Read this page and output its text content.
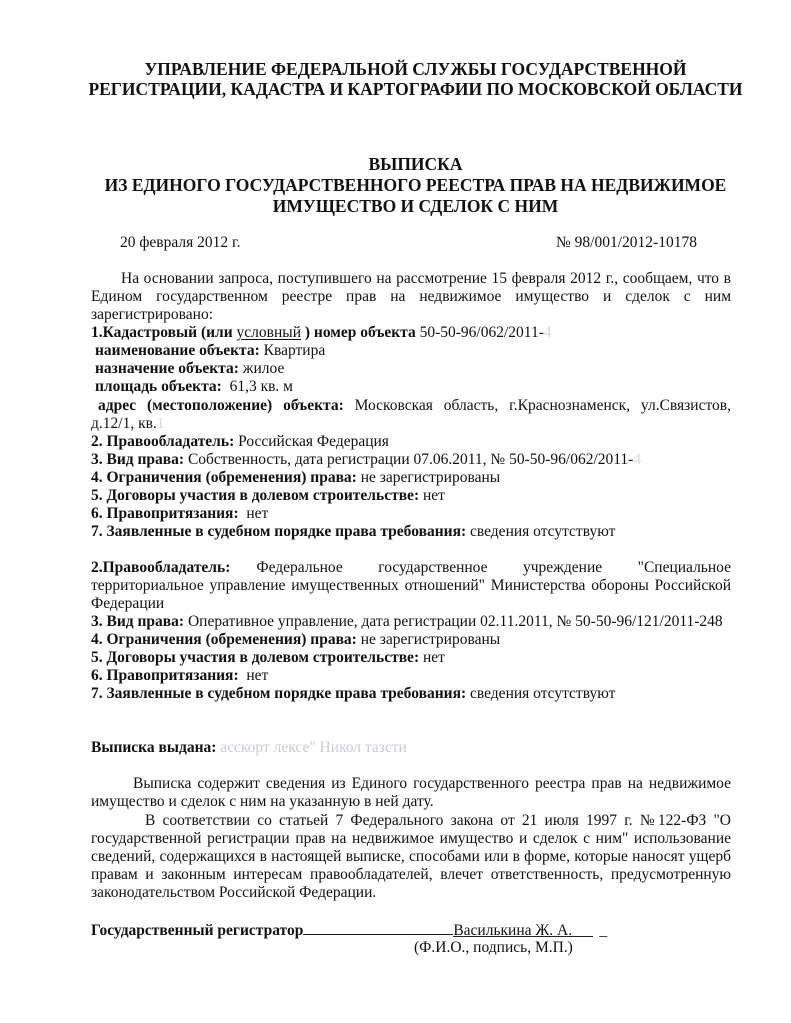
УПРАВЛЕНИЕ ФЕДЕРАЛЬНОЙ СЛУЖБЫ ГОСУДАРСТВЕННОЙ
РЕГИСТРАЦИИ, КАДАСТРА И КАРТОГРАФИИ ПО МОСКОВСКОЙ ОБЛАСТИ
ВЫПИСКА
ИЗ ЕДИНОГО ГОСУДАРСТВЕННОГО РЕЕСТРА ПРАВ НА НЕДВИЖИМОЕ
ИМУЩЕСТВО И СДЕЛОК С НИМ
20 февраля 2012 г.	№ 98/001/2012-10178
На основании запроса, поступившего на рассмотрение 15 февраля 2012 г., сообщаем, что в
Едином государственном реестре прав на недвижимое имущество и сделок с ним
зарегистрировано:
1.Кадастровый (или условный ) номер объекта 50-50-96/062/2011-4
наименование объекта: Квартира
назначение объекта: жилое
площадь объекта:  61,3 кв. м
адрес (местоположение) объекта: Московская область, г.Краснознаменск, ул.Связистов,
д.12/1, кв.1
2. Правообладатель: Российская Федерация
3. Вид права: Собственность, дата регистрации 07.06.2011, № 50-50-96/062/2011-4
4. Ограничения (обременения) права: не зарегистрированы
5. Договоры участия в долевом строительстве: нет
6. Правопритязания:  нет
7. Заявленные в судебном порядке права требования: сведения отсутствуют
2. Правообладатель: Федеральное государственное учреждение "Специальное
территориальное управление имущественных отношений" Министерства обороны Российской
Федерации
3. Вид права: Оперативное управление, дата регистрации 02.11.2011, № 50-50-96/121/2011-248
4. Ограничения (обременения) права: не зарегистрированы
5. Договоры участия в долевом строительстве: нет
6. Правопритязания:  нет
7. Заявленные в судебном порядке права требования: сведения отсутствуют
Выписка выдана: асскорт лексе" Никол тазсти
Выписка содержит сведения из Единого государственного реестра прав на недвижимое
имущество и сделок с ним на указанную в ней дату.
В соответствии со статьей 7 Федерального закона от 21 июля 1997 г. №122-ФЗ "О
государственной регистрации прав на недвижимое имущество и сделок с ним" использование
сведений, содержащихся в настоящей выписке, способами или в форме, которые наносят ущерб
правам и законным интересам правообладателей, влечет ответственность, предусмотренную
законодательством Российской Федерации.
Государственный регистратор	Василькина Ж. А. _
(Ф.И.О., подпись, М.П.)
